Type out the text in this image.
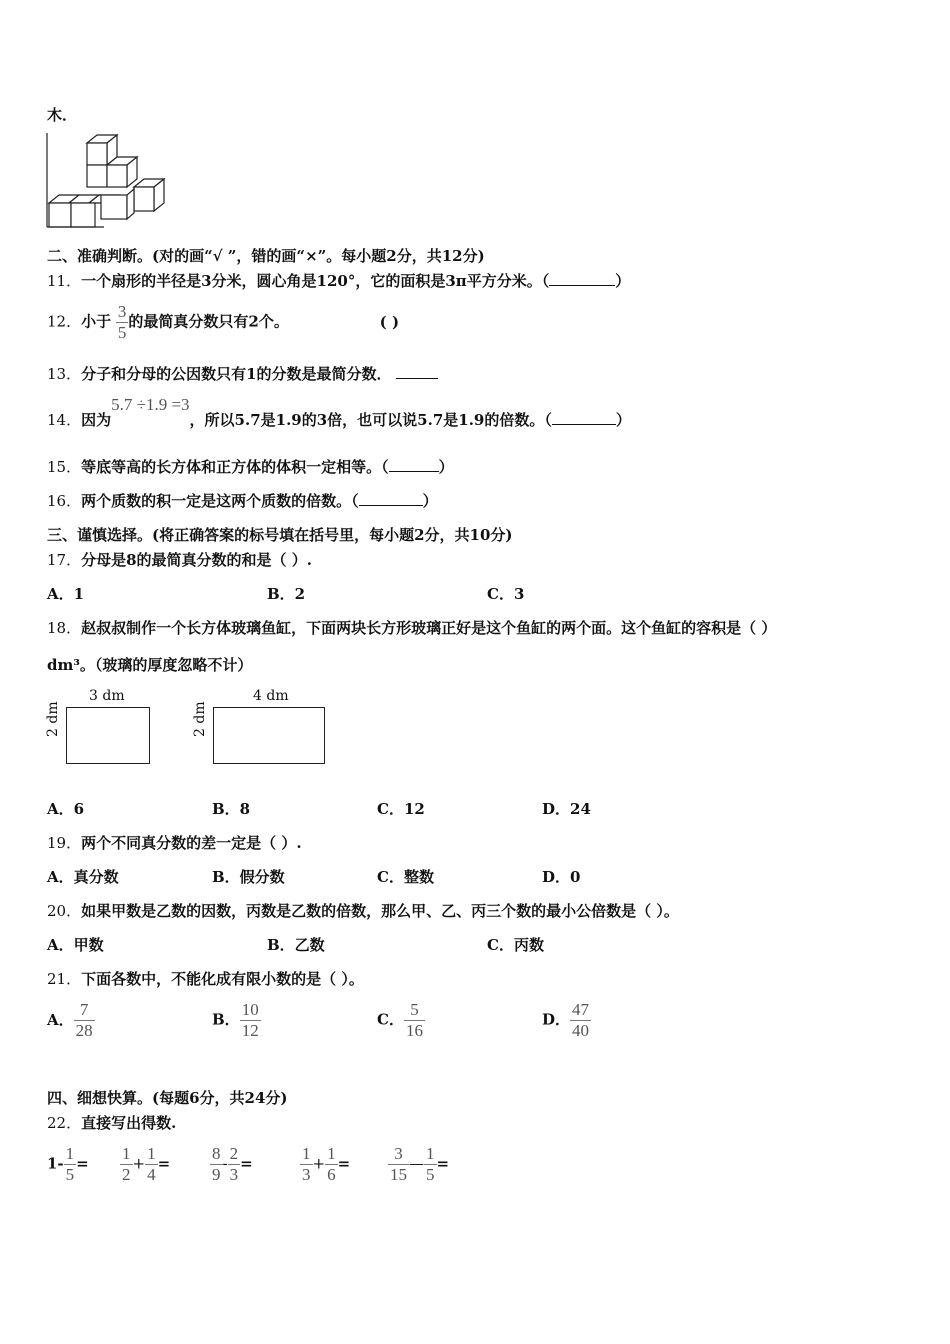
木．
二、准确判断。(对的画“√ ”，错的画“×”。每小题2分，共12分)
11．一个扇形的半径是3分米，圆心角是120°，它的面积是3π平方分米。（	）
12．小于 $\frac{3}{5}$ 的最简真分数只有2个。	( )
13．分子和分母的公因数只有1的分数是最简分数．
14．因为5.7 ÷1.9 =3，所以5.7是1.9的3倍，也可以说5.7是1.9的倍数。（	）
15．等底等高的长方体和正方体的体积一定相等。（	）
16．两个质数的积一定是这两个质数的倍数。（	）
三、谨慎选择。(将正确答案的标号填在括号里，每小题2分，共10分)
17．分母是8的最简真分数的和是（ ）.
A．1	B．2	C．3
18．赵叔叔制作一个长方体玻璃鱼缸，下面两块长方形玻璃正好是这个鱼缸的两个面。这个鱼缸的容积是（ ）
dm³。（玻璃的厚度忽略不计）
3 dm
2 dm
4 dm
2 dm
A．6	B．8	C．12	D．24
19．两个不同真分数的差一定是（ ）.
A．真分数	B．假分数	C．整数	D．0
20．如果甲数是乙数的因数，丙数是乙数的倍数，那么甲、乙、丙三个数的最小公倍数是（ ）。
A．甲数	B．乙数	C．丙数
21．下面各数中，不能化成有限小数的是（ ）。
A． $\frac{7}{28}$	B． $\frac{10}{12}$	C． $\frac{5}{16}$	D． $\frac{47}{40}$
四、细想快算。(每题6分，共24分)
22．直接写出得数.
$1- \frac{1}{5} = \frac{1}{2} + \frac{1}{4} = \frac{8}{9} - \frac{2}{3}$ =	$\frac{1}{3} + \frac{1}{6} = \frac{3}{15}$ — $\frac{1}{5}$ =
